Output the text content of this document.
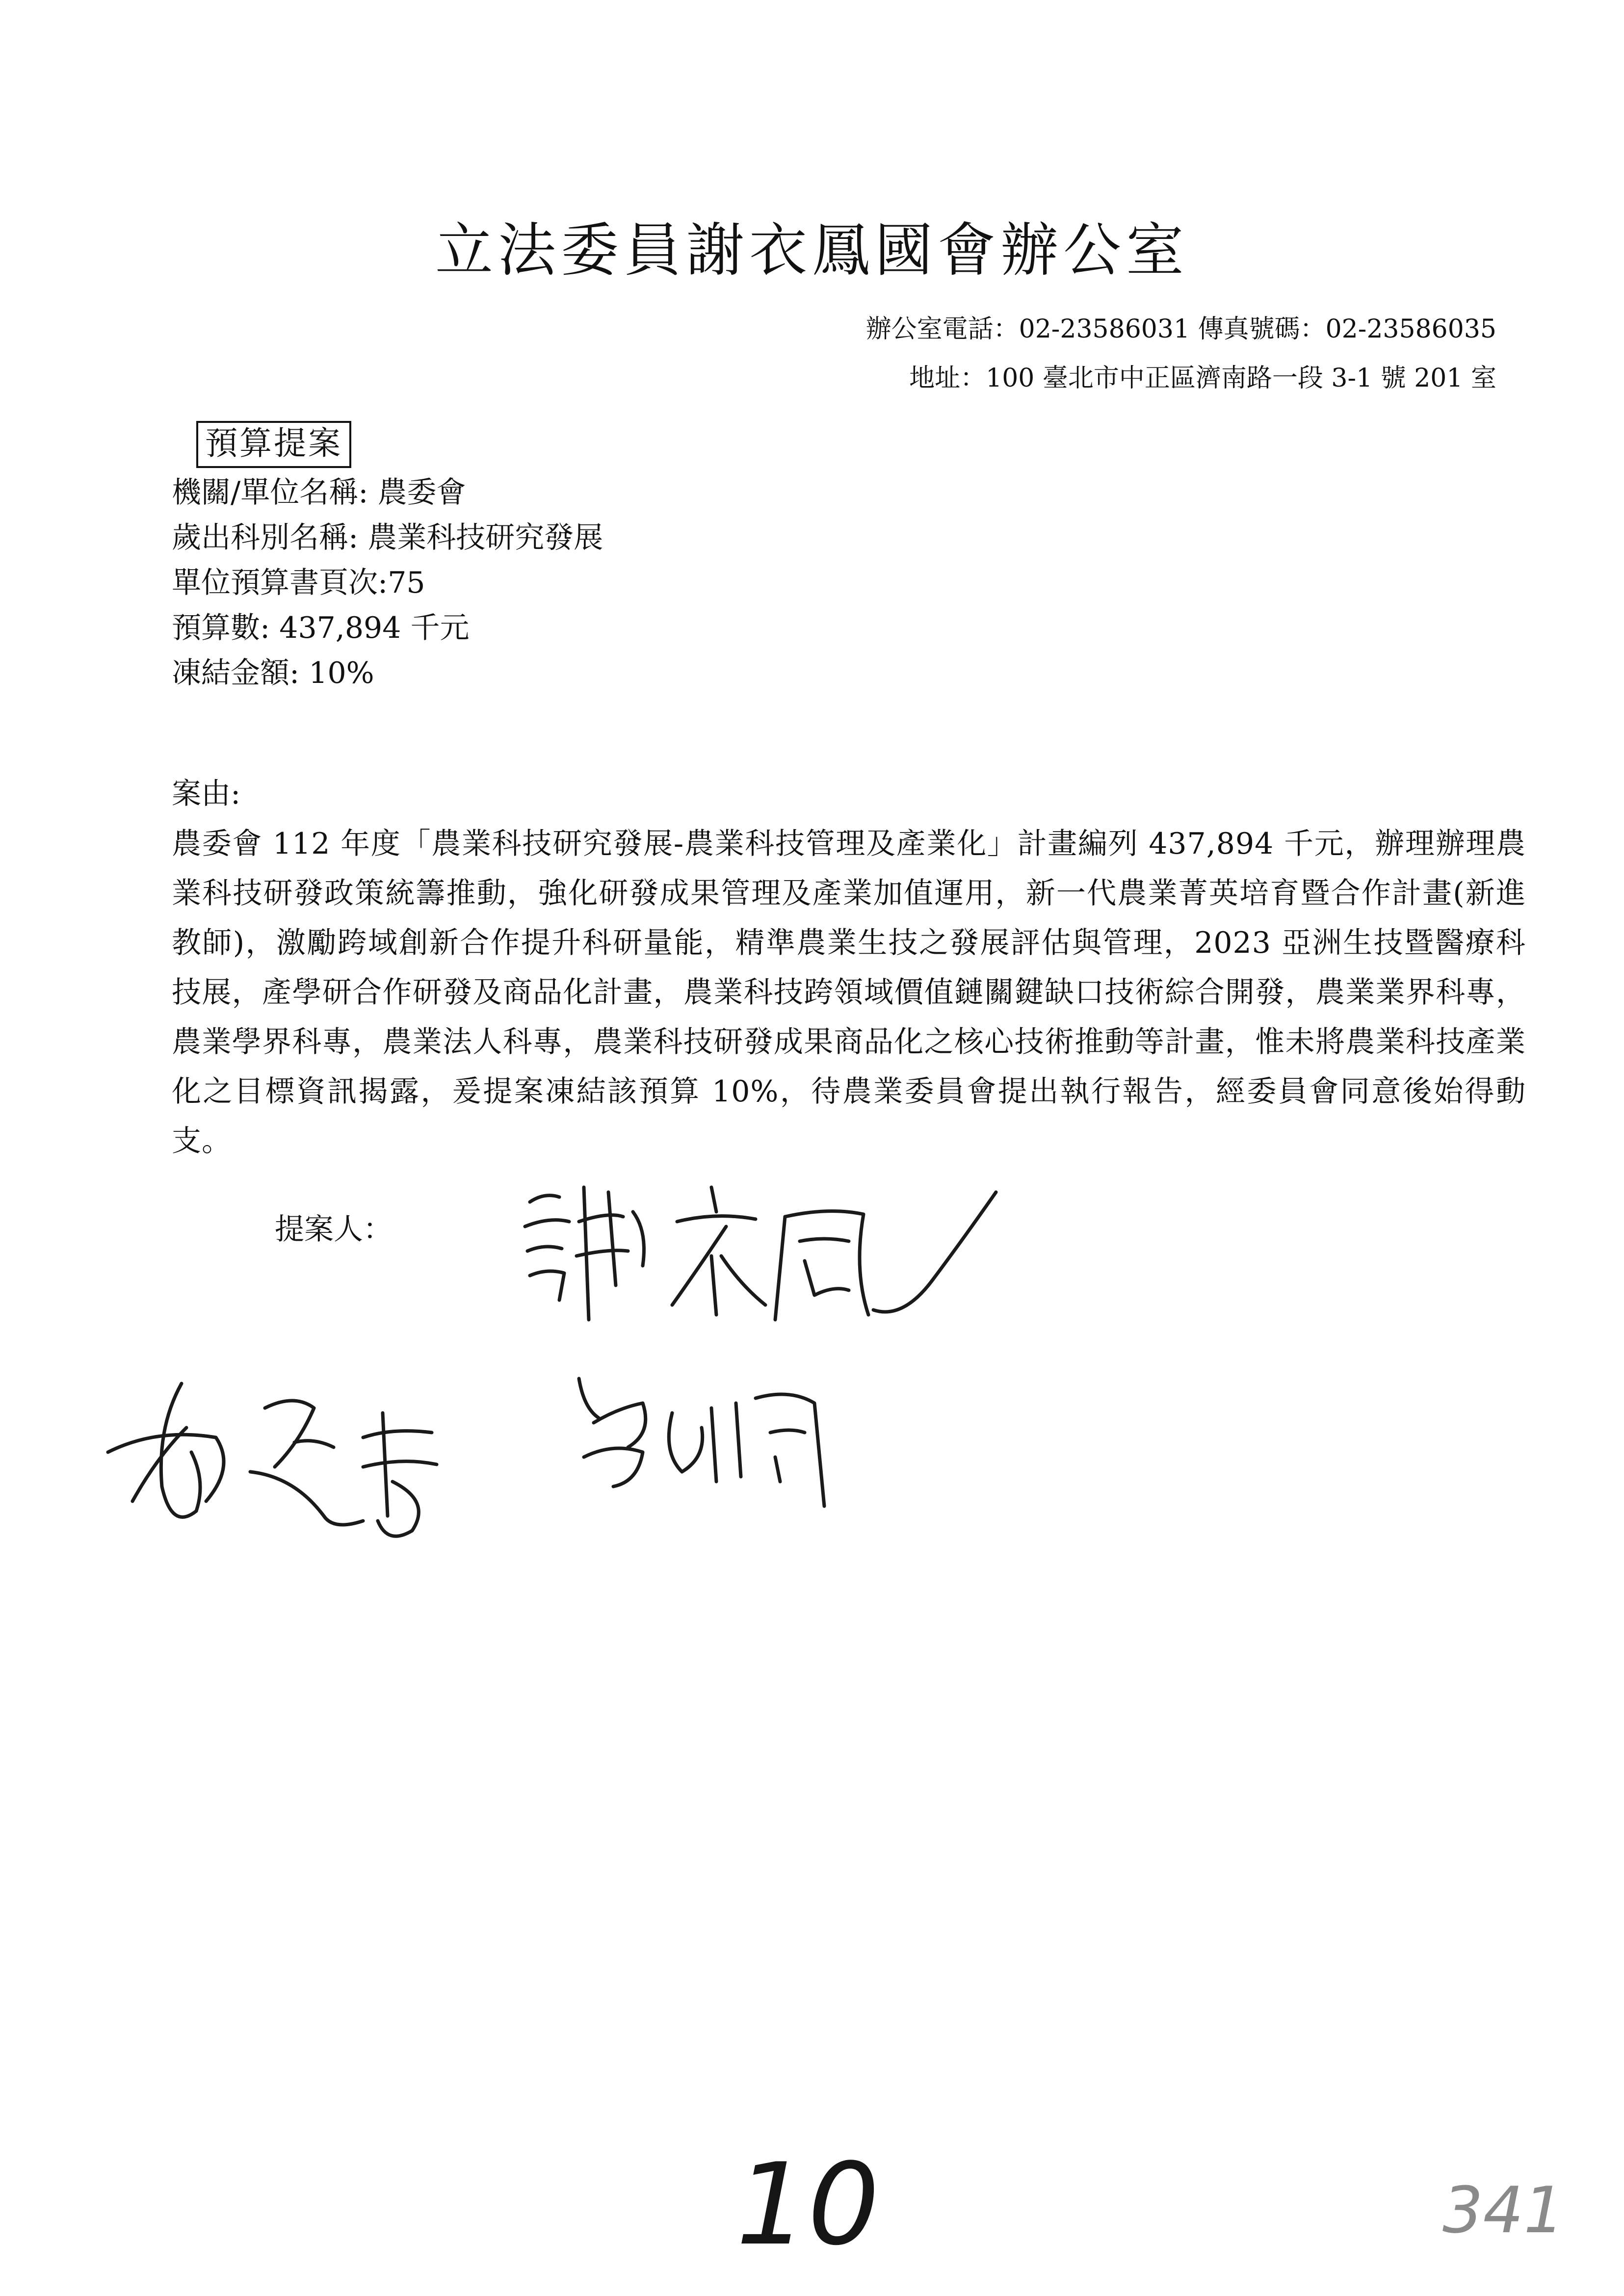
立法委員謝衣鳳國會辦公室
辦公室電話：02-23586031 傳真號碼：02-23586035
地址：100 臺北市中正區濟南路一段 3-1 號 201 室
預算提案
機關/單位名稱: 農委會
歲出科別名稱: 農業科技研究發展
單位預算書頁次:75
預算數: 437,894 千元
凍結金額: 10%
案由:
農委會 112 年度「農業科技研究發展-農業科技管理及產業化」計畫編列 437,894 千元，辦理辦理農業科技研發政策統籌推動，強化研發成果管理及產業加值運用，新一代農業菁英培育暨合作計畫(新進教師)，激勵跨域創新合作提升科研量能，精準農業生技之發展評估與管理，2023 亞洲生技暨醫療科技展，產學研合作研發及商品化計畫，農業科技跨領域價值鏈關鍵缺口技術綜合開發，農業業界科專，農業學界科專，農業法人科專，農業科技研發成果商品化之核心技術推動等計畫，惟未將農業科技產業化之目標資訊揭露，爰提案凍結該預算 10%，待農業委員會提出執行報告，經委員會同意後始得動支。
提案人：
10	341
